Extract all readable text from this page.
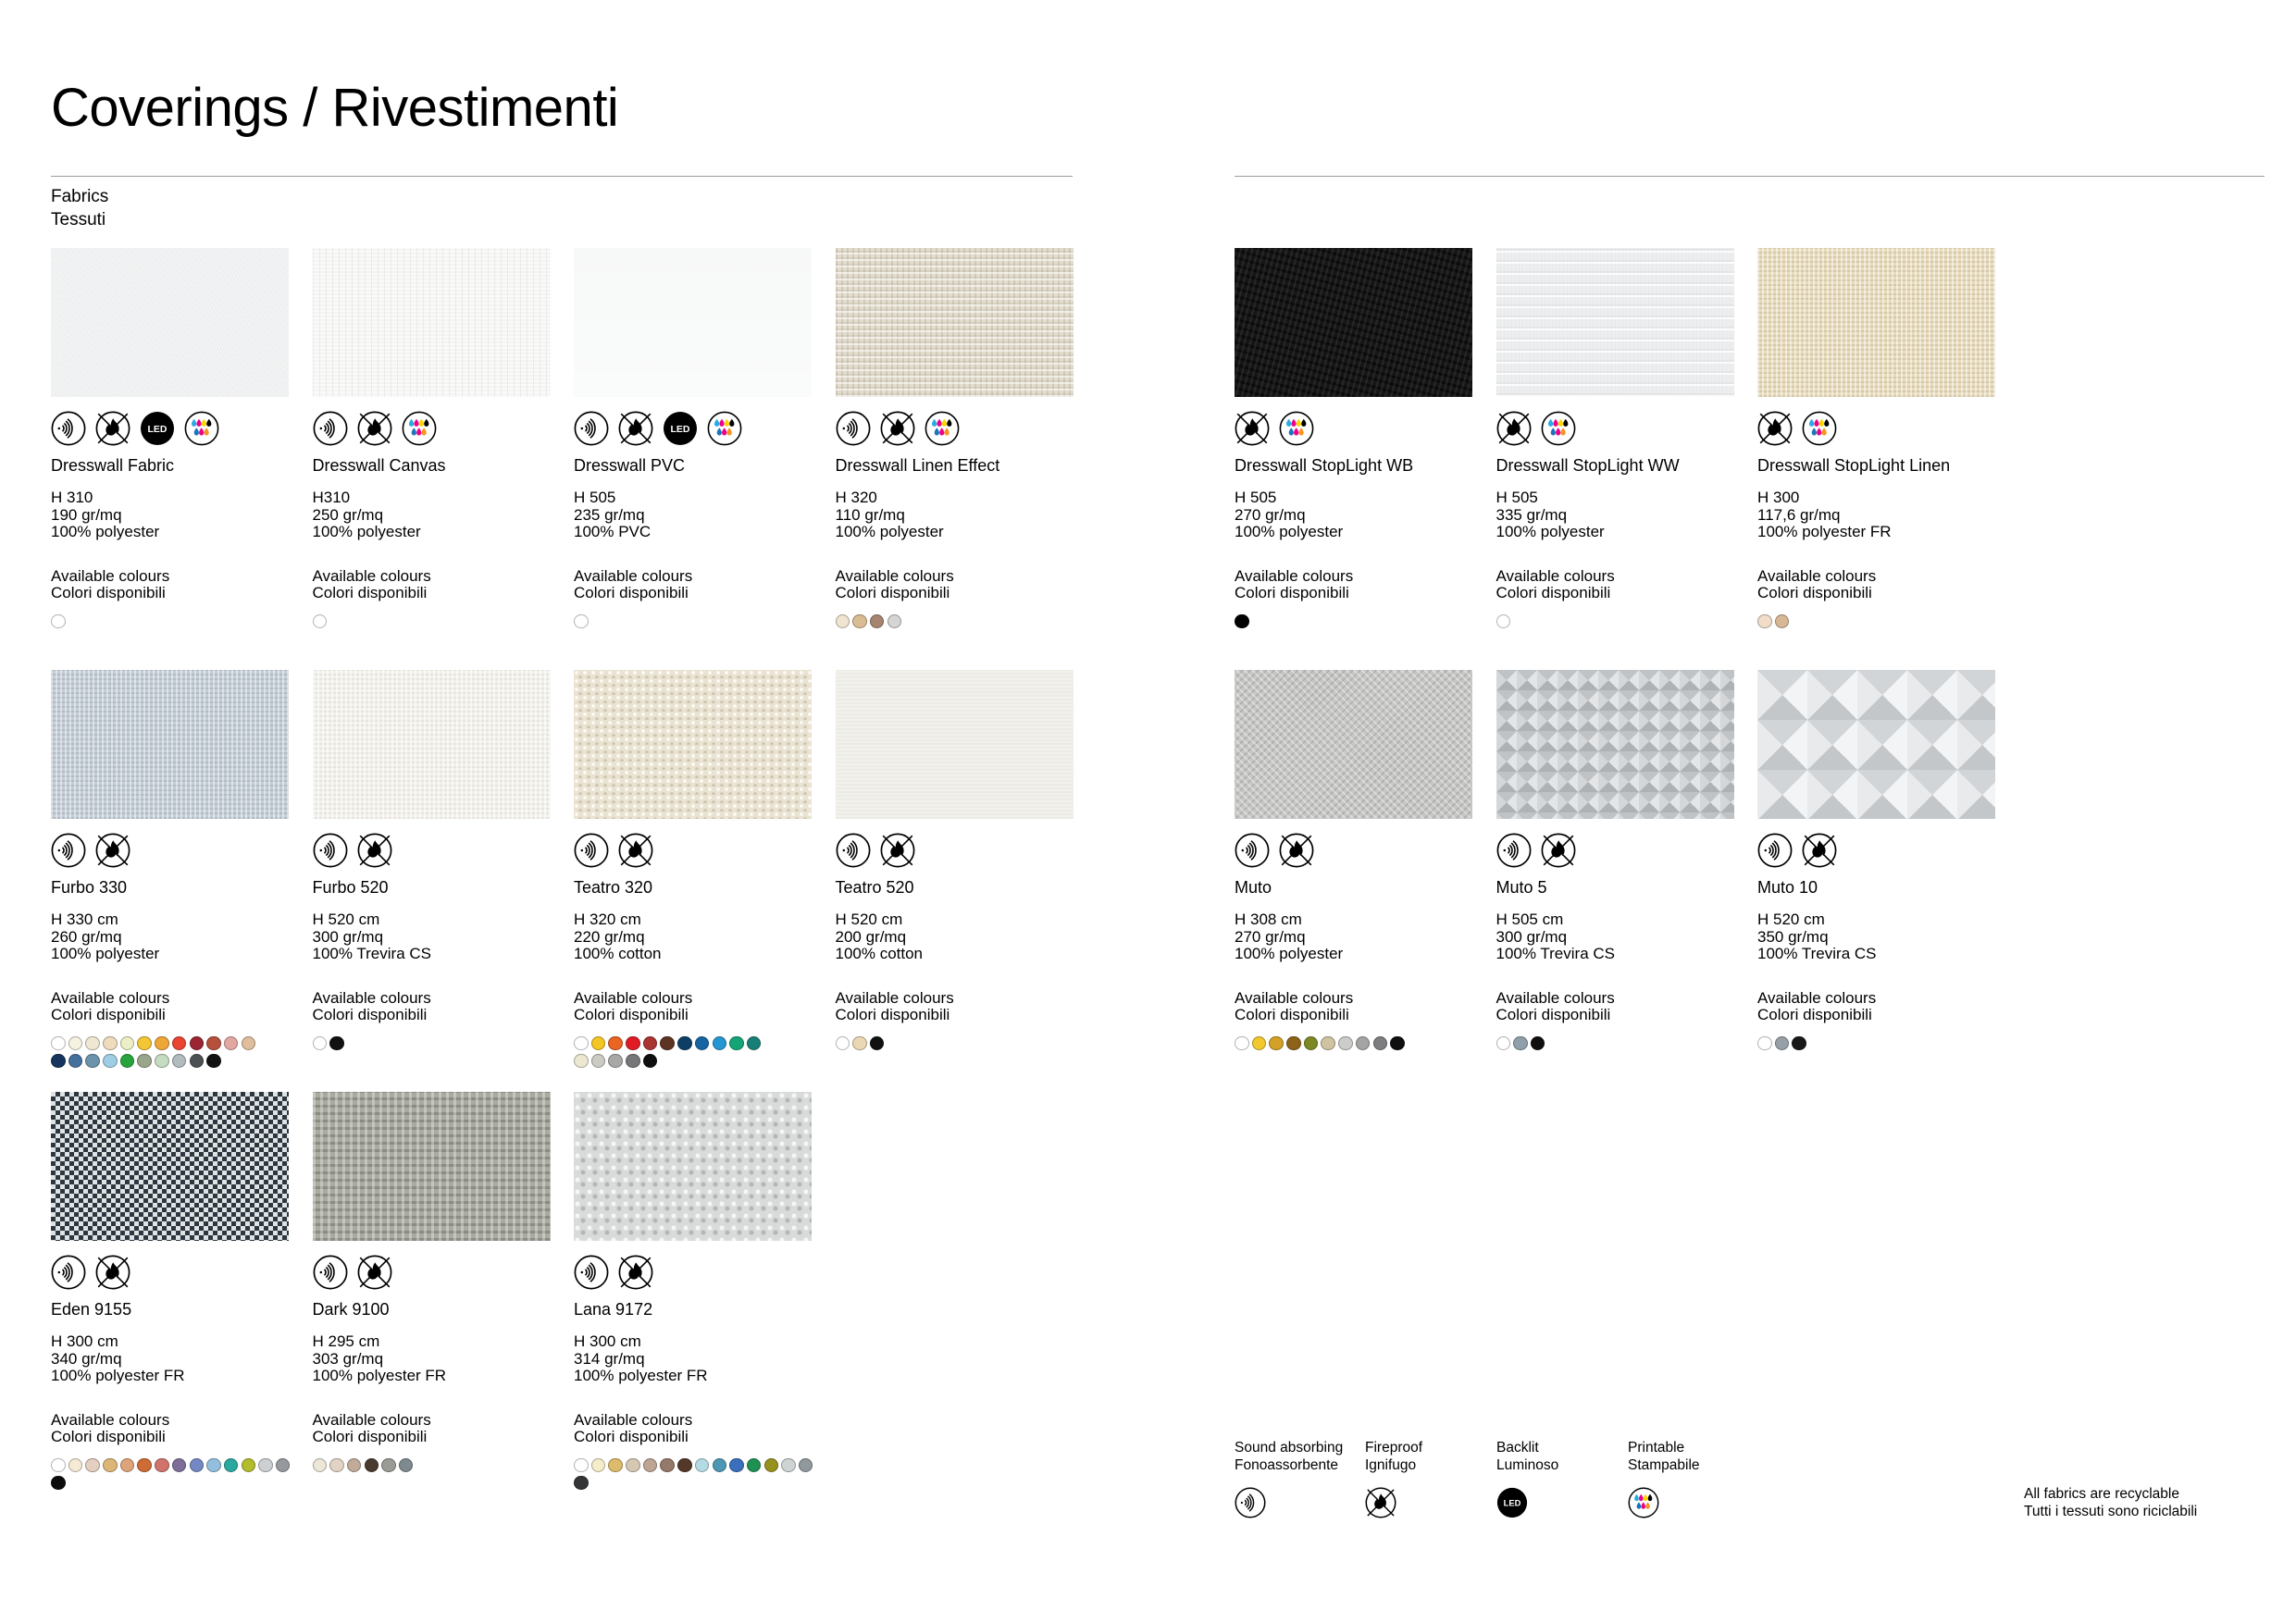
Coverings / Rivestimenti
Fabrics
Tessuti
LED
Dresswall Fabric
H 310
190 gr/mq
100% polyester
Available colours
Colori disponibili
Dresswall Canvas
H310
250 gr/mq
100% polyester
Available colours
Colori disponibili
LED
Dresswall PVC
H 505
235 gr/mq
100% PVC
Available colours
Colori disponibili
Dresswall Linen Effect
H 320
110 gr/mq
100% polyester
Available colours
Colori disponibili
Furbo 330
H 330 cm
260 gr/mq
100% polyester
Available colours
Colori disponibili
Furbo 520
H 520 cm
300 gr/mq
100% Trevira CS
Available colours
Colori disponibili
Teatro 320
H 320 cm
220 gr/mq
100% cotton
Available colours
Colori disponibili
Teatro 520
H 520 cm
200 gr/mq
100% cotton
Available colours
Colori disponibili
Eden 9155
H 300 cm
340 gr/mq
100% polyester FR
Available colours
Colori disponibili
Dark 9100
H 295 cm
303 gr/mq
100% polyester FR
Available colours
Colori disponibili
Lana 9172
H 300 cm
314 gr/mq
100% polyester FR
Available colours
Colori disponibili
Dresswall StopLight WB
H 505
270 gr/mq
100% polyester
Available colours
Colori disponibili
Dresswall StopLight WW
H 505
335 gr/mq
100% polyester
Available colours
Colori disponibili
Dresswall StopLight Linen
H 300
117,6 gr/mq
100% polyester FR
Available colours
Colori disponibili
Muto
H 308 cm
270 gr/mq
100% polyester
Available colours
Colori disponibili
Muto 5
H 505 cm
300 gr/mq
100% Trevira CS
Available colours
Colori disponibili
Muto 10
H 520 cm
350 gr/mq
100% Trevira CS
Available colours
Colori disponibili
Sound absorbing
Fonoassorbente
Fireproof
Ignifugo
Backlit
Luminoso
LED
Printable
Stampabile
All fabrics are recyclable
Tutti i tessuti sono riciclabili
